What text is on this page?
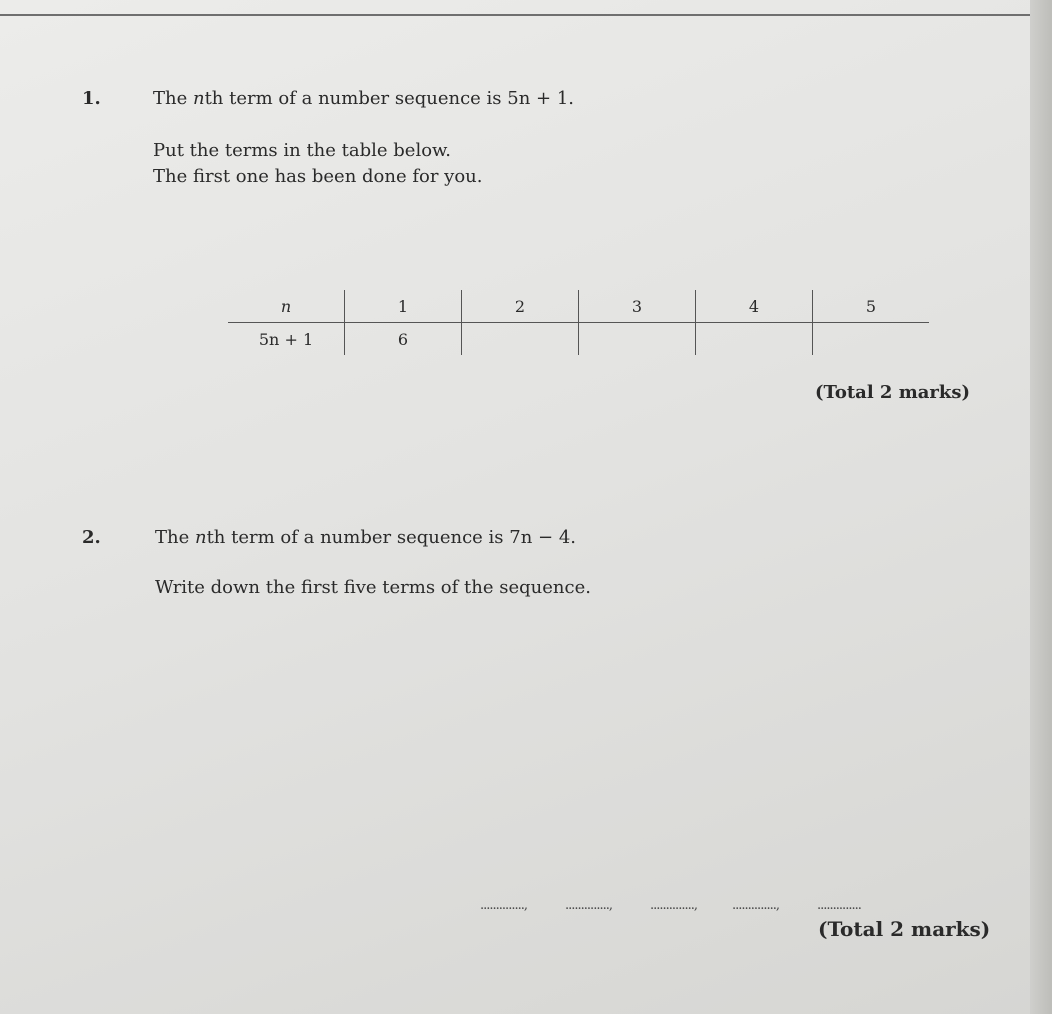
1.	The nth term of a number sequence is 5n + 1.
Put the terms in the table below.
The first one has been done for you.
n	1	2	3	4	5
5n + 1	6				
(Total 2 marks)
2.	The nth term of a number sequence is 7n − 4.
Write down the first five terms of the sequence.
..............,	..............,	..............,	..............,	..............
(Total 2 marks)
